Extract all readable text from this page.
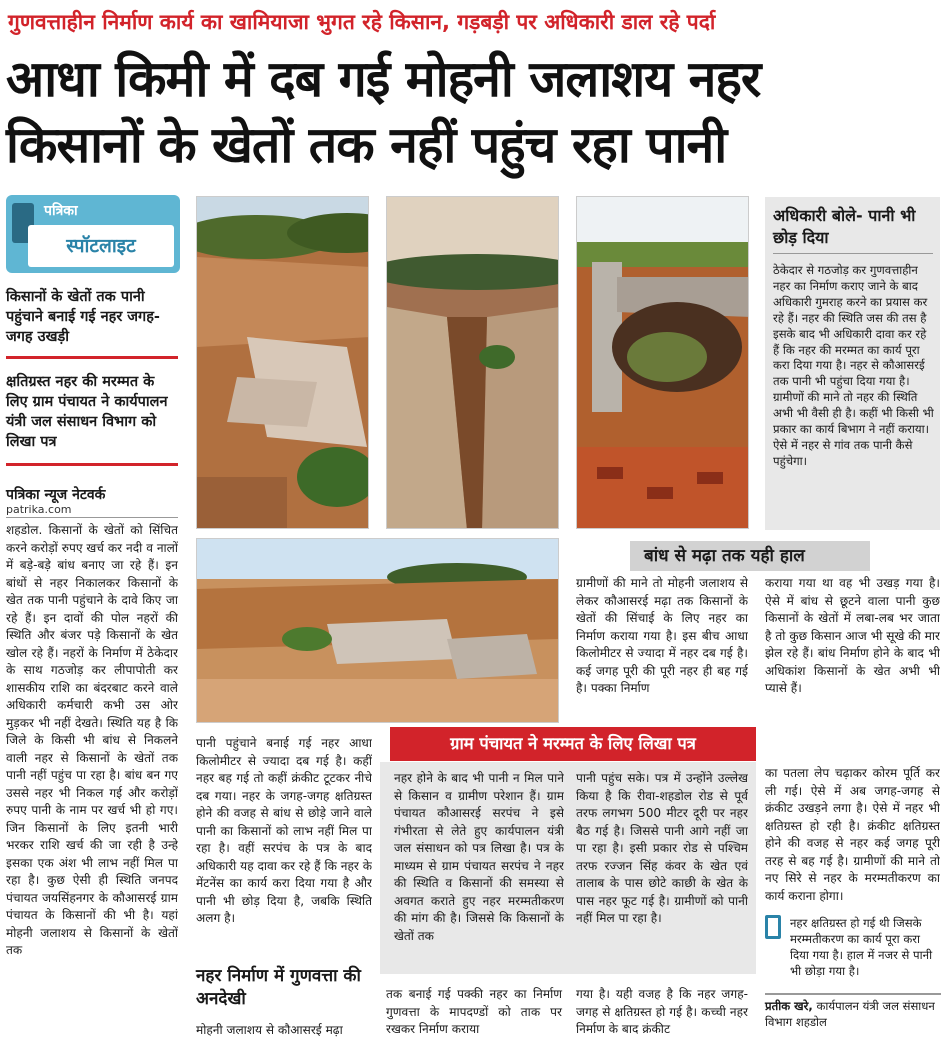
गुणवत्ताहीन निर्माण कार्य का खामियाजा भुगत रहे किसान, गड़बड़ी पर अधिकारी डाल रहे पर्दा
आधा किमी में दब गई मोहनी जलाशय नहर
किसानों के खेतों तक नहीं पहुंच रहा पानी
पत्रिका
स्पॉटलाइट
किसानों के खेतों तक पानी पहुंचाने बनाई गई नहर जगह-जगह उखड़ी
क्षतिग्रस्त नहर की मरम्मत के लिए ग्राम पंचायत ने कार्यपालन यंत्री जल संसाधन विभाग को लिखा पत्र
पत्रिका न्यूज नेटवर्क
patrika.com
अधिकारी बोले- पानी भी छोड़ दिया
ठेकेदार से गठजोड़ कर गुणवत्ताहीन नहर का निर्माण कराए जाने के बाद अधिकारी गुमराह करने का प्रयास कर रहे हैं। नहर की स्थिति जस की तस है इसके बाद भी अधिकारी दावा कर रहे हैं कि नहर की मरम्मत का कार्य पूरा करा दिया गया है। नहर से कौआसरई तक पानी भी पहुंचा दिया गया है। ग्रामीणों की माने तो नहर की स्थिति अभी भी वैसी ही है। कहीं भी किसी भी प्रकार का कार्य बिभाग ने नहीं कराया। ऐसे में नहर से गांव तक पानी कैसे पहुंचेगा।
बांध से मढ़ा तक यही हाल
शहडोल. किसानों के खेतों को सिंचित करने करोड़ों रुपए खर्च कर नदी व नालों में बड़े-बड़े बांध बनाए जा रहे हैं। इन बांधों से नहर निकालकर किसानों के खेत तक पानी पहुंचाने के दावे किए जा रहे हैं। इन दावों की पोल नहरों की स्थिति और बंजर पड़े किसानों के खेत खोल रहे हैं। नहरों के निर्माण में ठेकेदार के साथ गठजोड़ कर लीपापोती कर शासकीय राशि का बंदरबाट करने वाले अधिकारी कर्मचारी कभी उस ओर मुड़कर भी नहीं देखते। स्थिति यह है कि जिले के किसी भी बांध से निकलने वाली नहर से किसानों के खेतों तक पानी नहीं पहुंच पा रहा है। बांध बन गए उससे नहर भी निकल गई और करोड़ों रुपए पानी के नाम पर खर्च भी हो गए। जिन किसानों के लिए इतनी भारी भरकर राशि खर्च की जा रही है उन्हे इसका एक अंश भी लाभ नहीं मिल पा रहा है। कुछ ऐसी ही स्थिति जनपद पंचायत जयसिंहनगर के कौआसरई ग्राम पंचायत के किसानों की भी है। यहां मोहनी जलाशय से किसानों के खेतों तक
पानी पहुंचाने बनाई गई नहर आधा किलोमीटर से ज्यादा दब गई है। कहीं नहर बह गई तो कहीं क्रंकीट टूटकर नीचे दब गया। नहर के जगह-जगह क्षतिग्रस्त होने की वजह से बांध से छोड़े जाने वाले पानी का किसानों को लाभ नहीं मिल पा रहा है। वहीं सरपंच के पत्र के बाद अधिकारी यह दावा कर रहे हैं कि नहर के मेंटनेंस का कार्य करा दिया गया है और पानी भी छोड़ दिया है, जबकि स्थिति अलग है।
नहर निर्माण में गुणवत्ता की अनदेखी
मोहनी जलाशय से कौआसरई मढ़ा
ग्रामीणों की माने तो मोहनी जलाशय से लेकर कौआसरई मढ़ा तक किसानों के खेतों की सिंचाई के लिए नहर का निर्माण कराया गया है। इस बीच आधा किलोमीटर से ज्यादा में नहर दब गई है। कई जगह पूरी की पूरी नहर ही बह गई है। पक्का निर्माण
कराया गया था वह भी उखड़ गया है। ऐसे में बांध से छूटने वाला पानी कुछ किसानों के खेतों में लबा-लब भर जाता है तो कुछ किसान आज भी सूखे की मार झेल रहे हैं। बांध निर्माण होने के बाद भी अधिकांश किसानों के खेत अभी भी प्यासे हैं।
ग्राम पंचायत ने मरम्मत के लिए लिखा पत्र
नहर होने के बाद भी पानी न मिल पाने से किसान व ग्रामीण परेशान हैं। ग्राम पंचायत कौआसरई सरपंच ने इसे गंभीरता से लेते हुए कार्यपालन यंत्री जल संसाधन को पत्र लिखा है। पत्र के माध्यम से ग्राम पंचायत सरपंच ने नहर की स्थिति व किसानों की समस्या से अवगत कराते हुए नहर मरम्मतीकरण की मांग की है। जिससे कि किसानों के खेतों तक
पानी पहुंच सके। पत्र में उन्होंने उल्लेख किया है कि रीवा-शहडोल रोड से पूर्व तरफ लगभग 500 मीटर दूरी पर नहर बैठ गई है। जिससे पानी आगे नहीं जा पा रहा है। इसी प्रकार रोड से पश्चिम तरफ रज्जन सिंह कंवर के खेत एवं तालाब के पास छोटे काछी के खेत के पास नहर फूट गई है। ग्रामीणों को पानी नहीं मिल पा रहा है।
तक बनाई गई पक्की नहर का निर्माण गुणवत्ता के मापदण्डों को ताक पर रखकर निर्माण कराया
गया है। यही वजह है कि नहर जगह-जगह से क्षतिग्रस्त हो गई है। कच्ची नहर निर्माण के बाद क्रंकीट
का पतला लेप चढ़ाकर कोरम पूर्ति कर ली गई। ऐसे में अब जगह-जगह से क्रंकीट उखड़ने लगा है। ऐसे में नहर भी क्षतिग्रस्त हो रही है। क्रंकीट क्षतिग्रस्त होने की वजह से नहर कई जगह पूरी तरह से बह गई है। ग्रामीणों की माने तो नए सिरे से नहर के मरम्मतीकरण का कार्य कराना होगा।
नहर क्षतिग्रस्त हो गई थी जिसके मरम्मतीकरण का कार्य पूरा करा दिया गया है। हाल में नजर से पानी भी छोड़ा गया है।
प्रतीक खरे, कार्यपालन यंत्री जल संसाधन विभाग शहडोल
